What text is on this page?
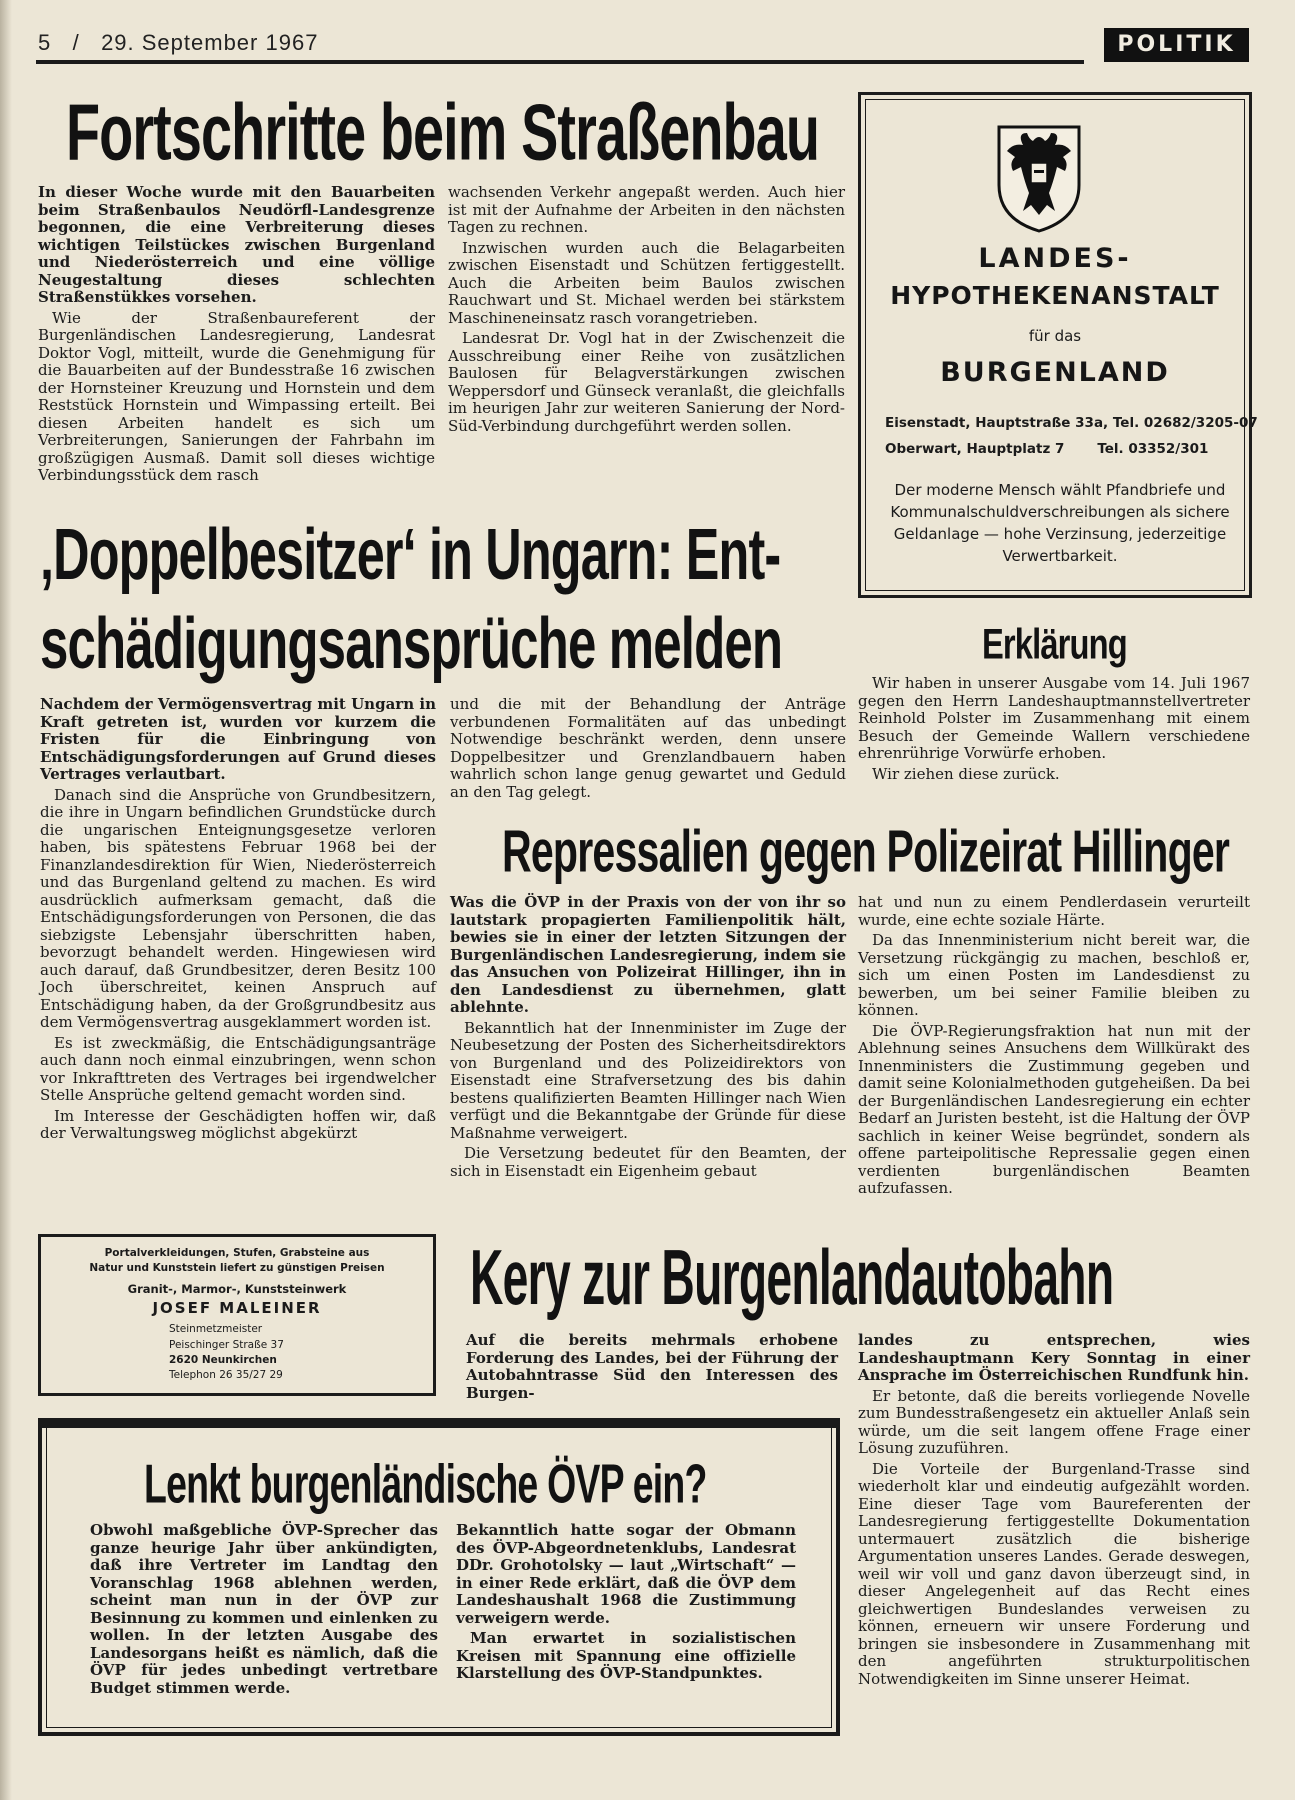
5 / 29. September 1967	POLITIK
Fortschritte beim Straßenbau

In dieser Woche wurde mit den Bauarbeiten beim Straßenbaulos Neudörfl-Landesgrenze begonnen, die eine Verbreiterung dieses wichtigen Teilstückes zwischen Burgenland und Niederösterreich und eine völlige Neugestaltung dieses schlechten Straßenstükkes vorsehen.

Wie der Straßenbaureferent der Burgenländischen Landesregierung, Landesrat Doktor Vogl, mitteilt, wurde die Genehmigung für die Bauarbeiten auf der Bundesstraße 16 zwischen der Hornsteiner Kreuzung und Hornstein und dem Reststück Hornstein und Wimpassing erteilt. Bei diesen Arbeiten handelt es sich um Verbreiterungen, Sanierungen der Fahrbahn im großzügigen Ausmaß. Damit soll dieses wichtige Verbindungsstück dem rasch

wachsenden Verkehr angepaßt werden. Auch hier ist mit der Aufnahme der Arbeiten in den nächsten Tagen zu rechnen.

Inzwischen wurden auch die Belagarbeiten zwischen Eisenstadt und Schützen fertiggestellt. Auch die Arbeiten beim Baulos zwischen Rauchwart und St. Michael werden bei stärkstem Maschineneinsatz rasch vorangetrieben.

Landesrat Dr. Vogl hat in der Zwischenzeit die Ausschreibung einer Reihe von zusätzlichen Baulosen für Belagverstärkungen zwischen Weppersdorf und Günseck veranlaßt, die gleichfalls im heurigen Jahr zur weiteren Sanierung der Nord-Süd-Verbindung durchgeführt werden sollen.

LANDES-
HYPOTHEKENANSTALT
für das
BURGENLAND
Eisenstadt, Hauptstraße 33a, Tel. 02682/3205-07
Oberwart, Hauptplatz 7       Tel. 03352/301
Der moderne Mensch wählt Pfandbriefe und Kommunalschuldverschreibungen als sichere Geldanlage — hohe Verzinsung, jederzeitige Verwertbarkeit.
‚Doppelbesitzer‘ in Ungarn: Ent-
schädigungsansprüche melden

Nachdem der Vermögensvertrag mit Ungarn in Kraft getreten ist, wurden vor kurzem die Fristen für die Einbringung von Entschädigungsforderungen auf Grund dieses Vertrages verlautbart.

Danach sind die Ansprüche von Grundbesitzern, die ihre in Ungarn befindlichen Grundstücke durch die ungarischen Enteignungsgesetze verloren haben, bis spätestens Februar 1968 bei der Finanzlandesdirektion für Wien, Niederösterreich und das Burgenland geltend zu machen. Es wird ausdrücklich aufmerksam gemacht, daß die Entschädigungsforderungen von Personen, die das siebzigste Lebensjahr überschritten haben, bevorzugt behandelt werden. Hingewiesen wird auch darauf, daß Grundbesitzer, deren Besitz 100 Joch überschreitet, keinen Anspruch auf Entschädigung haben, da der Großgrundbesitz aus dem Vermögensvertrag ausgeklammert worden ist.

Es ist zweckmäßig, die Entschädigungsanträge auch dann noch einmal einzubringen, wenn schon vor Inkrafttreten des Vertrages bei irgendwelcher Stelle Ansprüche geltend gemacht worden sind.

Im Interesse der Geschädigten hoffen wir, daß der Verwaltungsweg möglichst abgekürzt

und die mit der Behandlung der Anträge verbundenen Formalitäten auf das unbedingt Notwendige beschränkt werden, denn unsere Doppelbesitzer und Grenzlandbauern haben wahrlich schon lange genug gewartet und Geduld an den Tag gelegt.

Erklärung

Wir haben in unserer Ausgabe vom 14. Juli 1967 gegen den Herrn Landeshauptmannstellvertreter Reinhold Polster im Zusammenhang mit einem Besuch der Gemeinde Wallern verschiedene ehrenrührige Vorwürfe erhoben.

Wir ziehen diese zurück.

Repressalien gegen Polizeirat Hillinger

Was die ÖVP in der Praxis von der von ihr so lautstark propagierten Familienpolitik hält, bewies sie in einer der letzten Sitzungen der Burgenländischen Landesregierung, indem sie das Ansuchen von Polizeirat Hillinger, ihn in den Landesdienst zu übernehmen, glatt ablehnte.

Bekanntlich hat der Innenminister im Zuge der Neubesetzung der Posten des Sicherheitsdirektors von Burgenland und des Polizeidirektors von Eisenstadt eine Strafversetzung des bis dahin bestens qualifizierten Beamten Hillinger nach Wien verfügt und die Bekanntgabe der Gründe für diese Maßnahme verweigert.

Die Versetzung bedeutet für den Beamten, der sich in Eisenstadt ein Eigenheim gebaut

hat und nun zu einem Pendlerdasein verurteilt wurde, eine echte soziale Härte.

Da das Innenministerium nicht bereit war, die Versetzung rückgängig zu machen, beschloß er, sich um einen Posten im Landesdienst zu bewerben, um bei seiner Familie bleiben zu können.

Die ÖVP-Regierungsfraktion hat nun mit der Ablehnung seines Ansuchens dem Willkürakt des Innenministers die Zustimmung gegeben und damit seine Kolonialmethoden gutgeheißen. Da bei der Burgenländischen Landesregierung ein echter Bedarf an Juristen besteht, ist die Haltung der ÖVP sachlich in keiner Weise begründet, sondern als offene parteipolitische Repressalie gegen einen verdienten burgenländischen Beamten aufzufassen.

Portalverkleidungen, Stufen, Grabsteine aus
Natur und Kunststein liefert zu günstigen Preisen
Granit-, Marmor-, Kunststeinwerk
JOSEF MALEINER
Steinmetzmeister
Peischinger Straße 37
2620 Neunkirchen
Telephon 26 35/27 29
Kery zur Burgenlandautobahn

Auf die bereits mehrmals erhobene Forderung des Landes, bei der Führung der Autobahntrasse Süd den Interessen des Burgen-

landes zu entsprechen, wies Landeshauptmann Kery Sonntag in einer Ansprache im Österreichischen Rundfunk hin.

Er betonte, daß die bereits vorliegende Novelle zum Bundesstraßengesetz ein aktueller Anlaß sein würde, um die seit langem offene Frage einer Lösung zuzuführen.

Die Vorteile der Burgenland-Trasse sind wiederholt klar und eindeutig aufgezählt worden. Eine dieser Tage vom Baureferenten der Landesregierung fertiggestellte Dokumentation untermauert zusätzlich die bisherige Argumentation unseres Landes. Gerade deswegen, weil wir voll und ganz davon überzeugt sind, in dieser Angelegenheit auf das Recht eines gleichwertigen Bundeslandes verweisen zu können, erneuern wir unsere Forderung und bringen sie insbesondere in Zusammenhang mit den angeführten strukturpolitischen Notwendigkeiten im Sinne unserer Heimat.

Lenkt burgenländische ÖVP ein?

Obwohl maßgebliche ÖVP-Sprecher das ganze heurige Jahr über ankündigten, daß ihre Vertreter im Landtag den Voranschlag 1968 ablehnen werden, scheint man nun in der ÖVP zur Besinnung zu kommen und einlenken zu wollen. In der letzten Ausgabe des Landesorgans heißt es nämlich, daß die ÖVP für jedes unbedingt vertretbare Budget stimmen werde.

Bekanntlich hatte sogar der Obmann des ÖVP-Abgeordnetenklubs, Landesrat DDr. Grohotolsky — laut „Wirtschaft“ — in einer Rede erklärt, daß die ÖVP dem Landeshaushalt 1968 die Zustimmung verweigern werde.

Man erwartet in sozialistischen Kreisen mit Spannung eine offizielle Klarstellung des ÖVP-Standpunktes.
